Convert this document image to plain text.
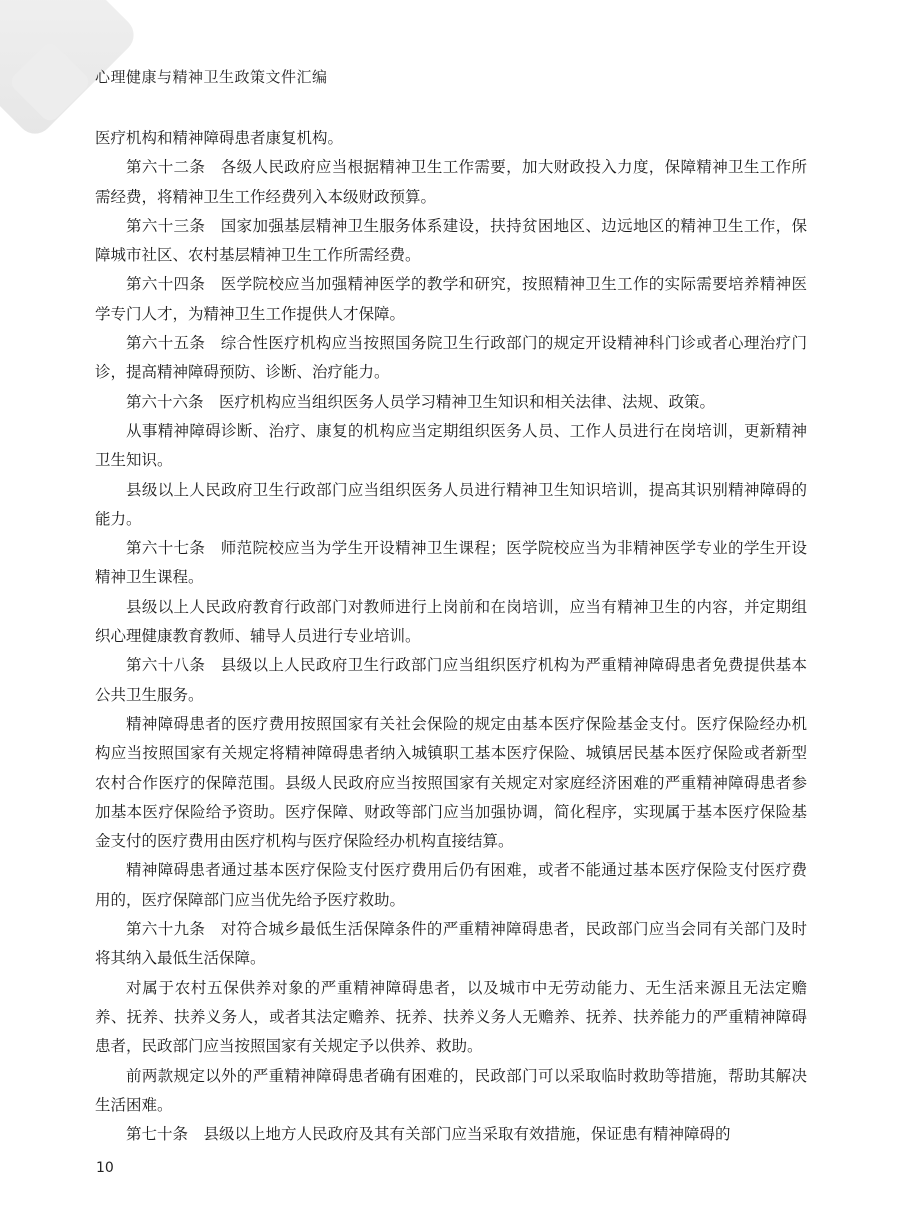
心理健康与精神卫生政策文件汇编

医疗机构和精神障碍患者康复机构。

第六十二条 各级人民政府应当根据精神卫生工作需要，加大财政投入力度，保障精神卫生工作所需经费，将精神卫生工作经费列入本级财政预算。

第六十三条 国家加强基层精神卫生服务体系建设，扶持贫困地区、边远地区的精神卫生工作，保障城市社区、农村基层精神卫生工作所需经费。

第六十四条 医学院校应当加强精神医学的教学和研究，按照精神卫生工作的实际需要培养精神医学专门人才，为精神卫生工作提供人才保障。

第六十五条 综合性医疗机构应当按照国务院卫生行政部门的规定开设精神科门诊或者心理治疗门诊，提高精神障碍预防、诊断、治疗能力。

第六十六条 医疗机构应当组织医务人员学习精神卫生知识和相关法律、法规、政策。

从事精神障碍诊断、治疗、康复的机构应当定期组织医务人员、工作人员进行在岗培训，更新精神卫生知识。

县级以上人民政府卫生行政部门应当组织医务人员进行精神卫生知识培训，提高其识别精神障碍的能力。

第六十七条 师范院校应当为学生开设精神卫生课程；医学院校应当为非精神医学专业的学生开设精神卫生课程。

县级以上人民政府教育行政部门对教师进行上岗前和在岗培训，应当有精神卫生的内容，并定期组织心理健康教育教师、辅导人员进行专业培训。

第六十八条 县级以上人民政府卫生行政部门应当组织医疗机构为严重精神障碍患者免费提供基本公共卫生服务。

精神障碍患者的医疗费用按照国家有关社会保险的规定由基本医疗保险基金支付。医疗保险经办机构应当按照国家有关规定将精神障碍患者纳入城镇职工基本医疗保险、城镇居民基本医疗保险或者新型农村合作医疗的保障范围。县级人民政府应当按照国家有关规定对家庭经济困难的严重精神障碍患者参加基本医疗保险给予资助。医疗保障、财政等部门应当加强协调，简化程序，实现属于基本医疗保险基金支付的医疗费用由医疗机构与医疗保险经办机构直接结算。

精神障碍患者通过基本医疗保险支付医疗费用后仍有困难，或者不能通过基本医疗保险支付医疗费用的，医疗保障部门应当优先给予医疗救助。

第六十九条 对符合城乡最低生活保障条件的严重精神障碍患者，民政部门应当会同有关部门及时将其纳入最低生活保障。

对属于农村五保供养对象的严重精神障碍患者，以及城市中无劳动能力、无生活来源且无法定赡养、抚养、扶养义务人，或者其法定赡养、抚养、扶养义务人无赡养、抚养、扶养能力的严重精神障碍患者，民政部门应当按照国家有关规定予以供养、救助。

前两款规定以外的严重精神障碍患者确有困难的，民政部门可以采取临时救助等措施，帮助其解决生活困难。

第七十条 县级以上地方人民政府及其有关部门应当采取有效措施，保证患有精神障碍的

10
